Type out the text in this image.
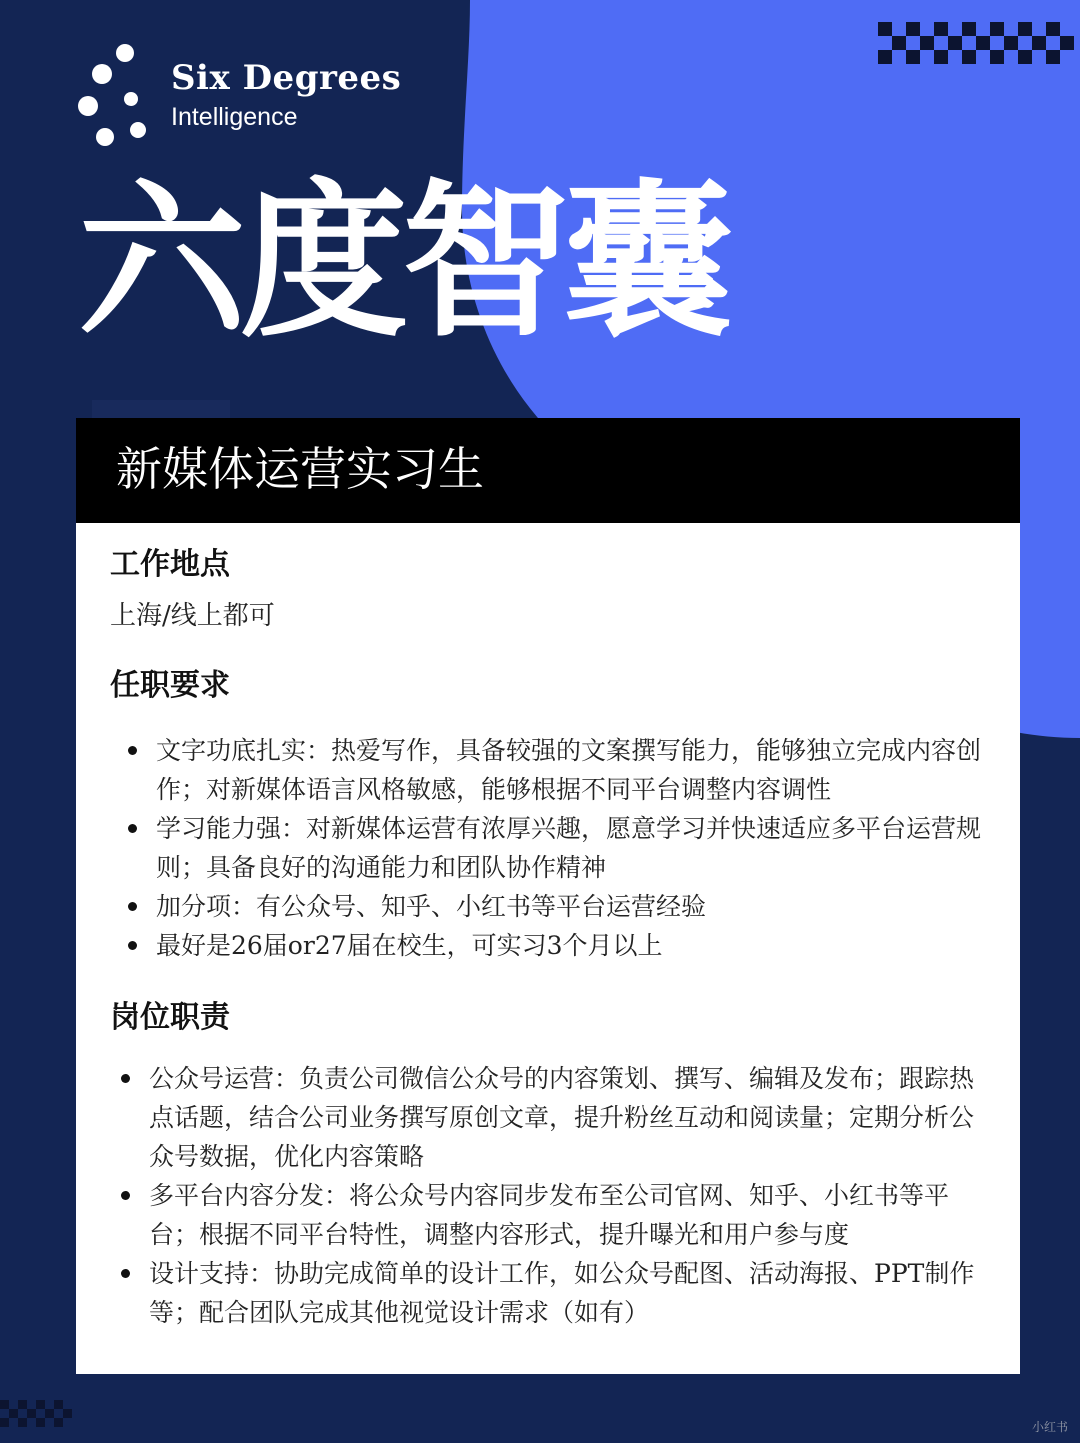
Six Degrees
Intelligence
六度智囊
新媒体运营实习生
工作地点
上海/线上都可
任职要求
文字功底扎实：热爱写作，具备较强的文案撰写能力，能够独立完成内容创作；对新媒体语言风格敏感，能够根据不同平台调整内容调性
学习能力强：对新媒体运营有浓厚兴趣，愿意学习并快速适应多平台运营规则；具备良好的沟通能力和团队协作精神
加分项：有公众号、知乎、小红书等平台运营经验
最好是26届or27届在校生，可实习3个月以上
岗位职责
公众号运营：负责公司微信公众号的内容策划、撰写、编辑及发布；跟踪热点话题，结合公司业务撰写原创文章，提升粉丝互动和阅读量；定期分析公众号数据，优化内容策略
多平台内容分发：将公众号内容同步发布至公司官网、知乎、小红书等平台；根据不同平台特性，调整内容形式，提升曝光和用户参与度
设计支持：协助完成简单的设计工作，如公众号配图、活动海报、PPT制作等；配合团队完成其他视觉设计需求（如有）
小红书
